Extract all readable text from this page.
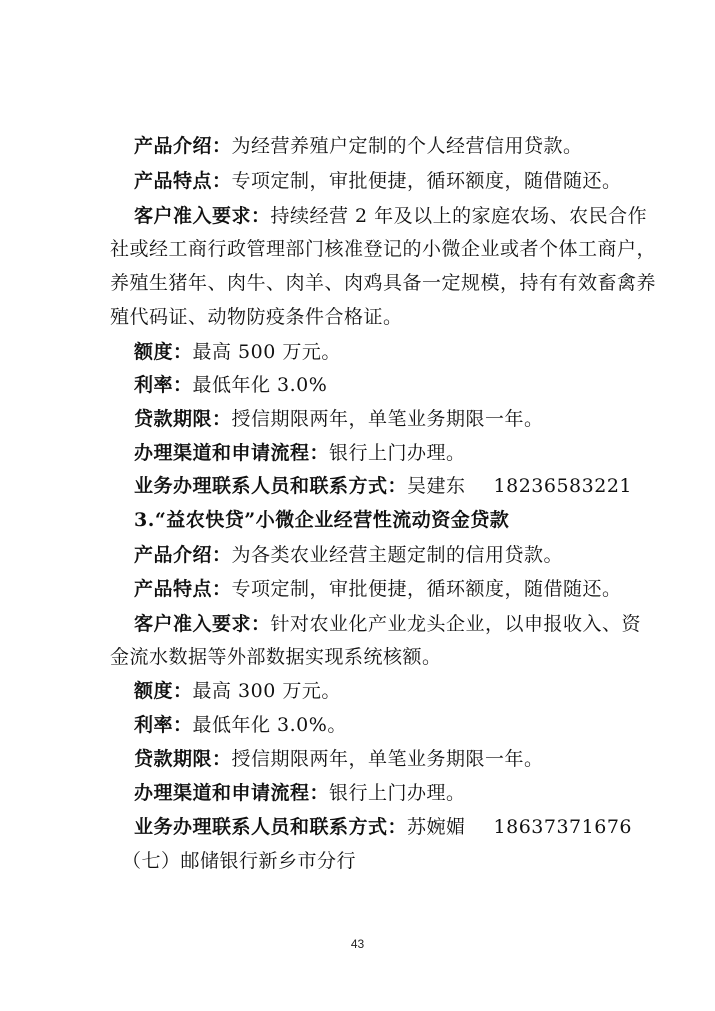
产品介绍：为经营养殖户定制的个人经营信用贷款。
产品特点：专项定制，审批便捷，循环额度，随借随还。
客户准入要求：持续经营 2 年及以上的家庭农场、农民合作
社或经工商行政管理部门核准登记的小微企业或者个体工商户，
养殖生猪年、肉牛、肉羊、肉鸡具备一定规模，持有有效畜禽养
殖代码证、动物防疫条件合格证。
额度：最高 500 万元。
利率：最低年化 3.0%
贷款期限：授信期限两年，单笔业务期限一年。
办理渠道和申请流程：银行上门办理。
业务办理联系人员和联系方式：吴建东 18236583221
3.“益农快贷”小微企业经营性流动资金贷款
产品介绍：为各类农业经营主题定制的信用贷款。
产品特点：专项定制，审批便捷，循环额度，随借随还。
客户准入要求：针对农业化产业龙头企业，以申报收入、资
金流水数据等外部数据实现系统核额。
额度：最高 300 万元。
利率：最低年化 3.0%。
贷款期限：授信期限两年，单笔业务期限一年。
办理渠道和申请流程：银行上门办理。
业务办理联系人员和联系方式：苏婉媚 18637371676
（七）邮储银行新乡市分行
43
